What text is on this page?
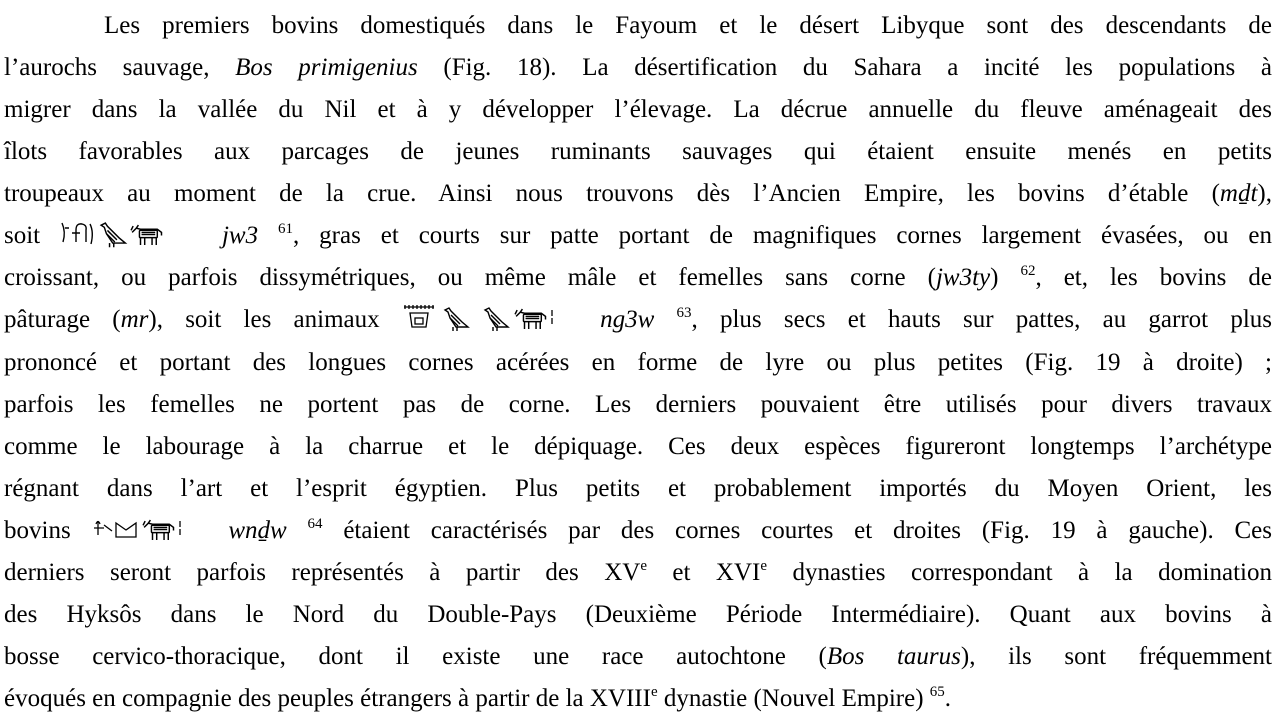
Les premiers bovins domestiqués dans le Fayoum et le désert Libyque sont des descendants de
l’aurochs sauvage, Bos primigenius (Fig. 18). La désertification du Sahara a incité les populations à
migrer dans la vallée du Nil et à y développer l’élevage. La décrue annuelle du fleuve aménageait des
îlots favorables aux parcages de jeunes ruminants sauvages qui étaient ensuite menés en petits
troupeaux au moment de la crue. Ainsi nous trouvons dès l’Ancien Empire, les bovins d’étable (mḏt),
soit	jw3 $^{61}$, gras et courts sur patte portant de magnifiques cornes largement évasées, ou en
croissant, ou parfois dissymétriques, ou même mâle et femelles sans corne (jw3ty) $^{62}$, et, les bovins de
pâturage (mr), soit les animaux	ng3w $^{63}$, plus secs et hauts sur pattes, au garrot plus
prononcé et portant des longues cornes acérées en forme de lyre ou plus petites (Fig. 19 à droite) ;
parfois les femelles ne portent pas de corne. Les derniers pouvaient être utilisés pour divers travaux
comme le labourage à la charrue et le dépiquage. Ces deux espèces figureront longtemps l’archétype
régnant dans l’art et l’esprit égyptien. Plus petits et probablement importés du Moyen Orient, les
bovins	wnḏw $^{64}$ étaient caractérisés par des cornes courtes et droites (Fig. 19 à gauche). Ces
derniers seront parfois représentés à partir des XVe et XVIe dynasties correspondant à la domination
des Hyksôs dans le Nord du Double-Pays (Deuxième Période Intermédiaire). Quant aux bovins à
bosse cervico-thoracique, dont il existe une race autochtone (Bos taurus), ils sont fréquemment
évoqués en compagnie des peuples étrangers à partir de la XVIIIe dynastie (Nouvel Empire) $^{65}$.
